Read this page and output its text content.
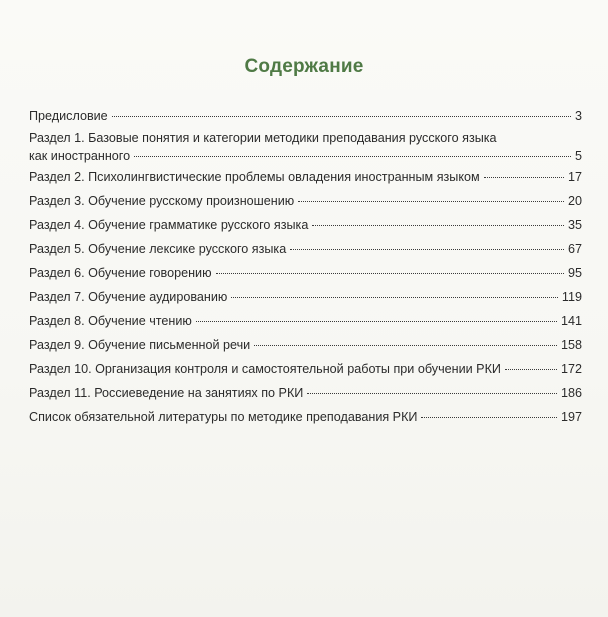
Содержание
Предисловие	3
Раздел 1. Базовые понятия и категории методики преподавания русского языка
как иностранного	5
Раздел 2. Психолингвистические проблемы овладения иностранным языком	17
Раздел 3. Обучение русскому произношению	20
Раздел 4. Обучение грамматике русского языка	35
Раздел 5. Обучение лексике русского языка	67
Раздел 6. Обучение говорению	95
Раздел 7. Обучение аудированию	119
Раздел 8. Обучение чтению	141
Раздел 9. Обучение письменной речи	158
Раздел 10. Организация контроля и самостоятельной работы при обучении РКИ	172
Раздел 11. Россиеведение на занятиях по РКИ	186
Список обязательной литературы по методике преподавания РКИ	197
